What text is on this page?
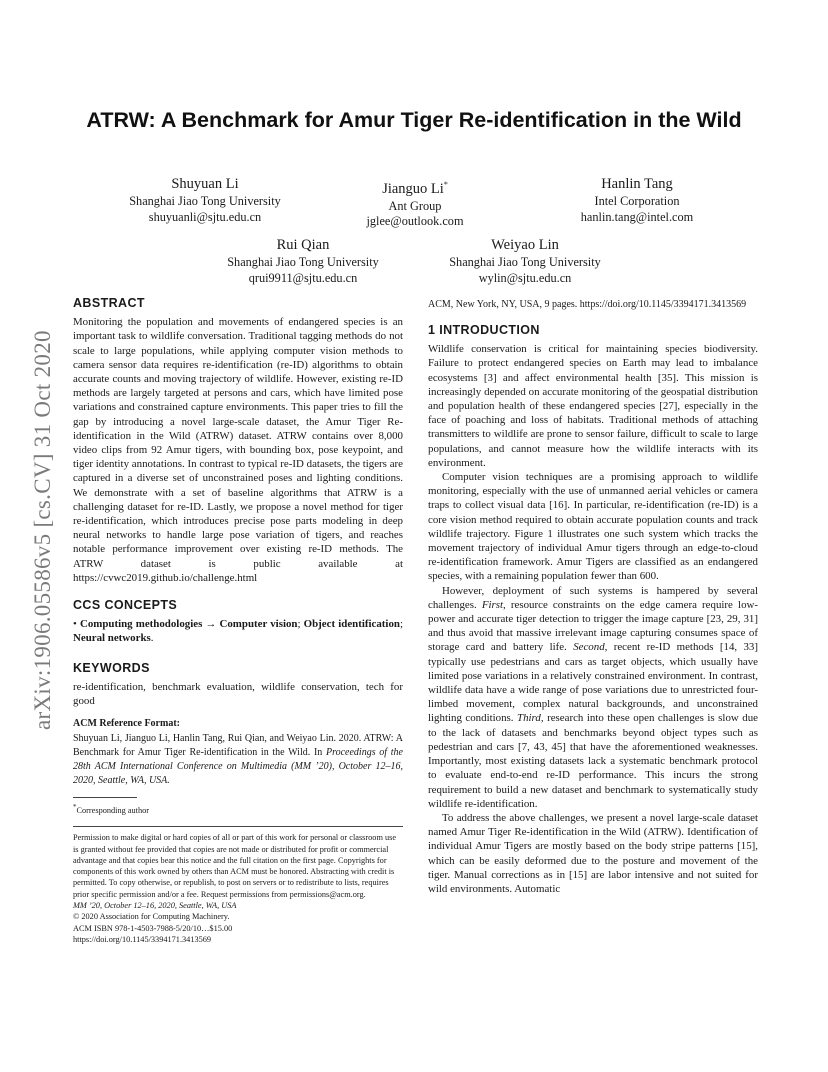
arXiv:1906.05586v5 [cs.CV] 31 Oct 2020
ATRW: A Benchmark for Amur Tiger Re-identification in the Wild
Shuyuan Li
Shanghai Jiao Tong University
shuyuanli@sjtu.edu.cn
Jianguo Li*
Ant Group
jglee@outlook.com
Hanlin Tang
Intel Corporation
hanlin.tang@intel.com
Rui Qian
Shanghai Jiao Tong University
qrui9911@sjtu.edu.cn
Weiyao Lin
Shanghai Jiao Tong University
wylin@sjtu.edu.cn
ABSTRACT

Monitoring the population and movements of endangered species is an important task to wildlife conversation. Traditional tagging methods do not scale to large populations, while applying computer vision methods to camera sensor data requires re-identification (re-ID) algorithms to obtain accurate counts and moving trajectory of wildlife. However, existing re-ID methods are largely targeted at persons and cars, which have limited pose variations and constrained capture environments. This paper tries to fill the gap by introducing a novel large-scale dataset, the Amur Tiger Re-identification in the Wild (ATRW) dataset. ATRW contains over 8,000 video clips from 92 Amur tigers, with bounding box, pose keypoint, and tiger identity annotations. In contrast to typical re-ID datasets, the tigers are captured in a diverse set of unconstrained poses and lighting conditions. We demonstrate with a set of baseline algorithms that ATRW is a challenging dataset for re-ID. Lastly, we propose a novel method for tiger re-identification, which introduces precise pose parts modeling in deep neural networks to handle large pose variation of tigers, and reaches notable performance improvement over existing re-ID methods. The ATRW dataset is public available at https://cvwc2019.github.io/challenge.html

CCS CONCEPTS

• Computing methodologies → Computer vision; Object identification; Neural networks.

KEYWORDS

re-identification, benchmark evaluation, wildlife conservation, tech for good

ACM Reference Format:

Shuyuan Li, Jianguo Li, Hanlin Tang, Rui Qian, and Weiyao Lin. 2020. ATRW: A Benchmark for Amur Tiger Re-identification in the Wild. In Proceedings of the 28th ACM International Conference on Multimedia (MM ’20), October 12–16, 2020, Seattle, WA, USA.

*Corresponding author
Permission to make digital or hard copies of all or part of this work for personal or classroom use is granted without fee provided that copies are not made or distributed for profit or commercial advantage and that copies bear this notice and the full citation on the first page. Copyrights for components of this work owned by others than ACM must be honored. Abstracting with credit is permitted. To copy otherwise, or republish, to post on servers or to redistribute to lists, requires prior specific permission and/or a fee. Request permissions from permissions@acm.org.
MM ’20, October 12–16, 2020, Seattle, WA, USA
© 2020 Association for Computing Machinery.
ACM ISBN 978-1-4503-7988-5/20/10…$15.00
https://doi.org/10.1145/3394171.3413569

ACM, New York, NY, USA, 9 pages. https://doi.org/10.1145/3394171.3413569

1 INTRODUCTION

Wildlife conservation is critical for maintaining species biodiversity. Failure to protect endangered species on Earth may lead to imbalance ecosystems [3] and affect environmental health [35]. This mission is increasingly depended on accurate monitoring of the geospatial distribution and population health of these endangered species [27], especially in the face of poaching and loss of habitats. Traditional methods of attaching transmitters to wildlife are prone to sensor failure, difficult to scale to large populations, and cannot measure how the wildlife interacts with its environment.

Computer vision techniques are a promising approach to wildlife monitoring, especially with the use of unmanned aerial vehicles or camera traps to collect visual data [16]. In particular, re-identification (re-ID) is a core vision method required to obtain accurate population counts and track wildlife trajectory. Figure 1 illustrates one such system which tracks the movement trajectory of individual Amur tigers through an edge-to-cloud re-identification framework. Amur Tigers are classified as an endangered species, with a remaining population fewer than 600.

However, deployment of such systems is hampered by several challenges. First, resource constraints on the edge camera require low-power and accurate tiger detection to trigger the image capture [23, 29, 31] and thus avoid that massive irrelevant image capturing consumes space of storage card and battery life. Second, recent re-ID methods [14, 33] typically use pedestrians and cars as target objects, which usually have limited pose variations in a relatively constrained environment. In contrast, wildlife data have a wide range of pose variations due to unrestricted four-limbed movement, complex natural backgrounds, and unconstrained lighting conditions. Third, research into these open challenges is slow due to the lack of datasets and benchmarks beyond object types such as pedestrian and cars [7, 43, 45] that have the aforementioned weaknesses. Importantly, most existing datasets lack a systematic benchmark protocol to evaluate end-to-end re-ID performance. This incurs the strong requirement to build a new dataset and benchmark to systematically study wildlife re-identification.

To address the above challenges, we present a novel large-scale dataset named Amur Tiger Re-identification in the Wild (ATRW). Identification of individual Amur Tigers are mostly based on the body stripe patterns [15], which can be easily deformed due to the posture and movement of the tiger. Manual corrections as in [15] are labor intensive and not suited for wild environments. Automatic
